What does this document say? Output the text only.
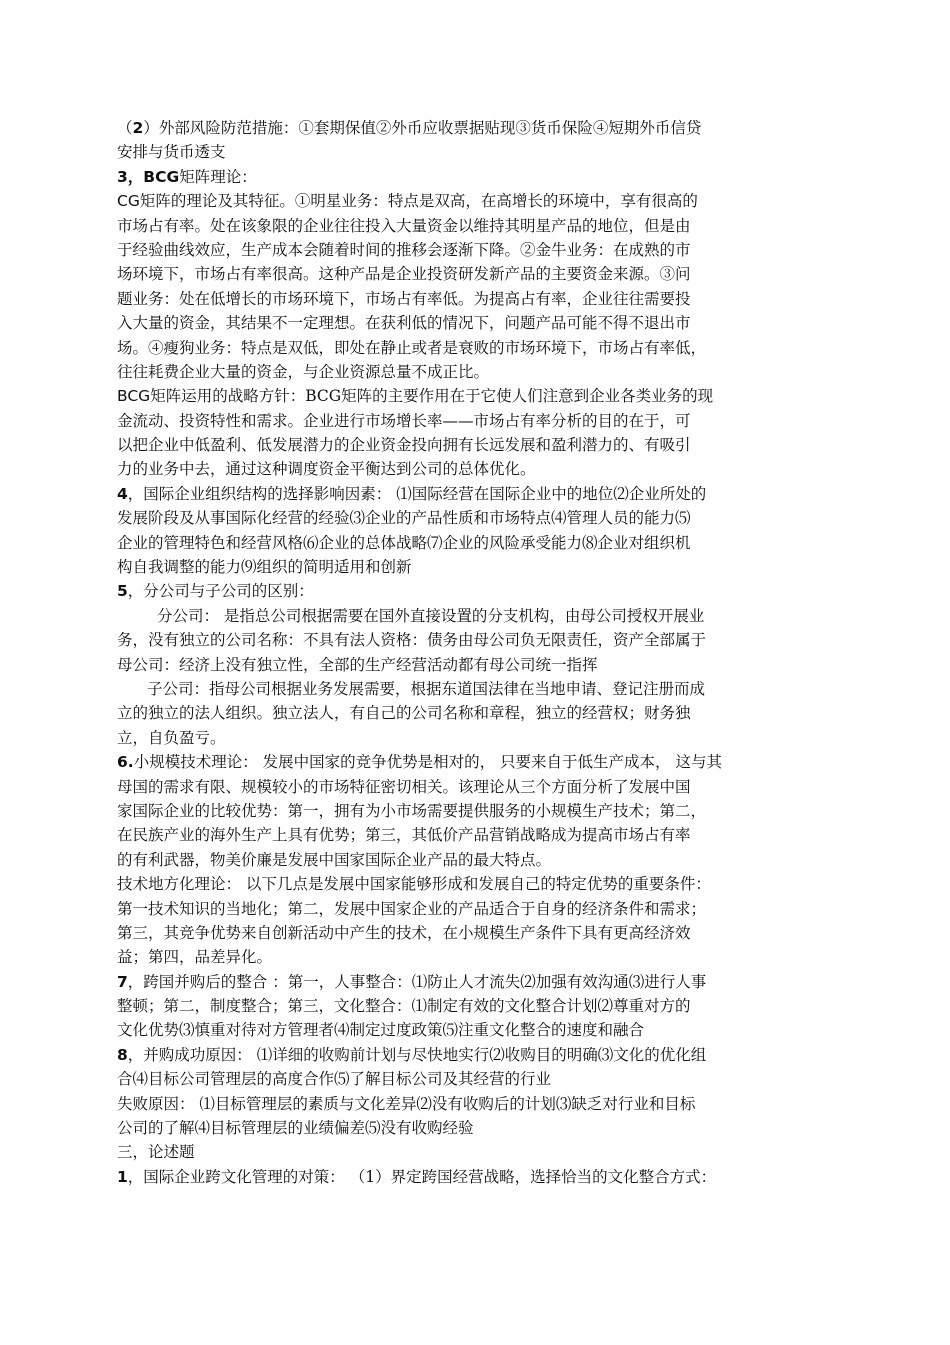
（2）外部风险防范措施：①套期保值②外币应收票据贴现③货币保险④短期外币信贷
安排与货币透支
3，BCG矩阵理论：
CG矩阵的理论及其特征。①明星业务：特点是双高，在高增长的环境中，享有很高的
市场占有率。处在该象限的企业往往投入大量资金以维持其明星产品的地位，但是由
于经验曲线效应，生产成本会随着时间的推移会逐渐下降。②金牛业务：在成熟的市
场环境下，市场占有率很高。这种产品是企业投资研发新产品的主要资金来源。③问
题业务：处在低增长的市场环境下，市场占有率低。为提高占有率，企业往往需要投
入大量的资金，其结果不一定理想。在获利低的情况下，问题产品可能不得不退出市
场。④瘦狗业务：特点是双低，即处在静止或者是衰败的市场环境下，市场占有率低，
往往耗费企业大量的资金，与企业资源总量不成正比。
BCG矩阵运用的战略方针：BCG矩阵的主要作用在于它使人们注意到企业各类业务的现
金流动、投资特性和需求。企业进行市场增长率——市场占有率分析的目的在于，可
以把企业中低盈利、低发展潜力的企业资金投向拥有长远发展和盈利潜力的、有吸引
力的业务中去，通过这种调度资金平衡达到公司的总体优化。
4，国际企业组织结构的选择影响因素： ⑴国际经营在国际企业中的地位⑵企业所处的
发展阶段及从事国际化经营的经验⑶企业的产品性质和市场特点⑷管理人员的能力⑸
企业的管理特色和经营风格⑹企业的总体战略⑺企业的风险承受能力⑻企业对组织机
构自我调整的能力⑼组织的简明适用和创新
5，分公司与子公司的区别：
分公司： 是指总公司根据需要在国外直接设置的分支机构，由母公司授权开展业
务，没有独立的公司名称：不具有法人资格：债务由母公司负无限责任，资产全部属于
母公司：经济上没有独立性，全部的生产经营活动都有母公司统一指挥
子公司：指母公司根据业务发展需要，根据东道国法律在当地申请、登记注册而成
立的独立的法人组织。独立法人，有自己的公司名称和章程，独立的经营权；财务独
立，自负盈亏。
6.小规模技术理论： 发展中国家的竞争优势是相对的， 只要来自于低生产成本， 这与其
母国的需求有限、规模较小的市场特征密切相关。该理论从三个方面分析了发展中国
家国际企业的比较优势：第一，拥有为小市场需要提供服务的小规模生产技术；第二，
在民族产业的海外生产上具有优势；第三，其低价产品营销战略成为提高市场占有率
的有利武器，物美价廉是发展中国家国际企业产品的最大特点。
技术地方化理论： 以下几点是发展中国家能够形成和发展自己的特定优势的重要条件：
第一技术知识的当地化；第二，发展中国家企业的产品适合于自身的经济条件和需求；
第三，其竞争优势来自创新活动中产生的技术，在小规模生产条件下具有更高经济效
益；第四，品差异化。
7，跨国并购后的整合 ：第一，人事整合：⑴防止人才流失⑵加强有效沟通⑶进行人事
整顿；第二，制度整合；第三，文化整合：⑴制定有效的文化整合计划⑵尊重对方的
文化优势⑶慎重对待对方管理者⑷制定过度政策⑸注重文化整合的速度和融合
8，并购成功原因： ⑴详细的收购前计划与尽快地实行⑵收购目的明确⑶文化的优化组
合⑷目标公司管理层的高度合作⑸了解目标公司及其经营的行业
失败原因： ⑴目标管理层的素质与文化差异⑵没有收购后的计划⑶缺乏对行业和目标
公司的了解⑷目标管理层的业绩偏差⑸没有收购经验
三，论述题
1，国际企业跨文化管理的对策： （1）界定跨国经营战略，选择恰当的文化整合方式：
